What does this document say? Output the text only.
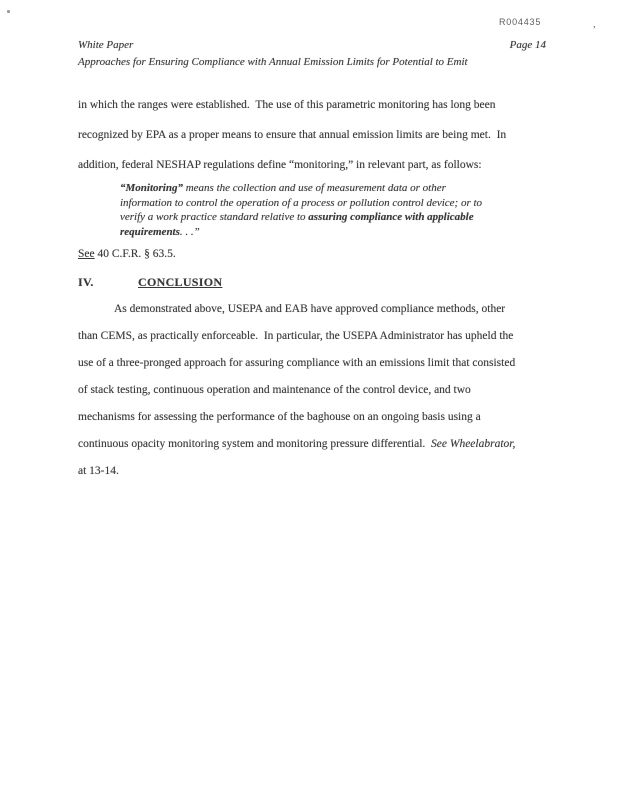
R004435	,
White Paper	Page 14
Approaches for Ensuring Compliance with Annual Emission Limits for Potential to Emit
in which the ranges were established.  The use of this parametric monitoring has long been
recognized by EPA as a proper means to ensure that annual emission limits are being met.  In
addition, federal NESHAP regulations define “monitoring,” in relevant part, as follows:
“Monitoring” means the collection and use of measurement data or other
information to control the operation of a process or pollution control device; or to
verify a work practice standard relative to assuring compliance with applicable
requirements. . .”
See 40 C.F.R. § 63.5.
IV.	CONCLUSION
As demonstrated above, USEPA and EAB have approved compliance methods, other
than CEMS, as practically enforceable.  In particular, the USEPA Administrator has upheld the
use of a three-pronged approach for assuring compliance with an emissions limit that consisted
of stack testing, continuous operation and maintenance of the control device, and two
mechanisms for assessing the performance of the baghouse on an ongoing basis using a
continuous opacity monitoring system and monitoring pressure differential.  See Wheelabrator,
at 13-14.
